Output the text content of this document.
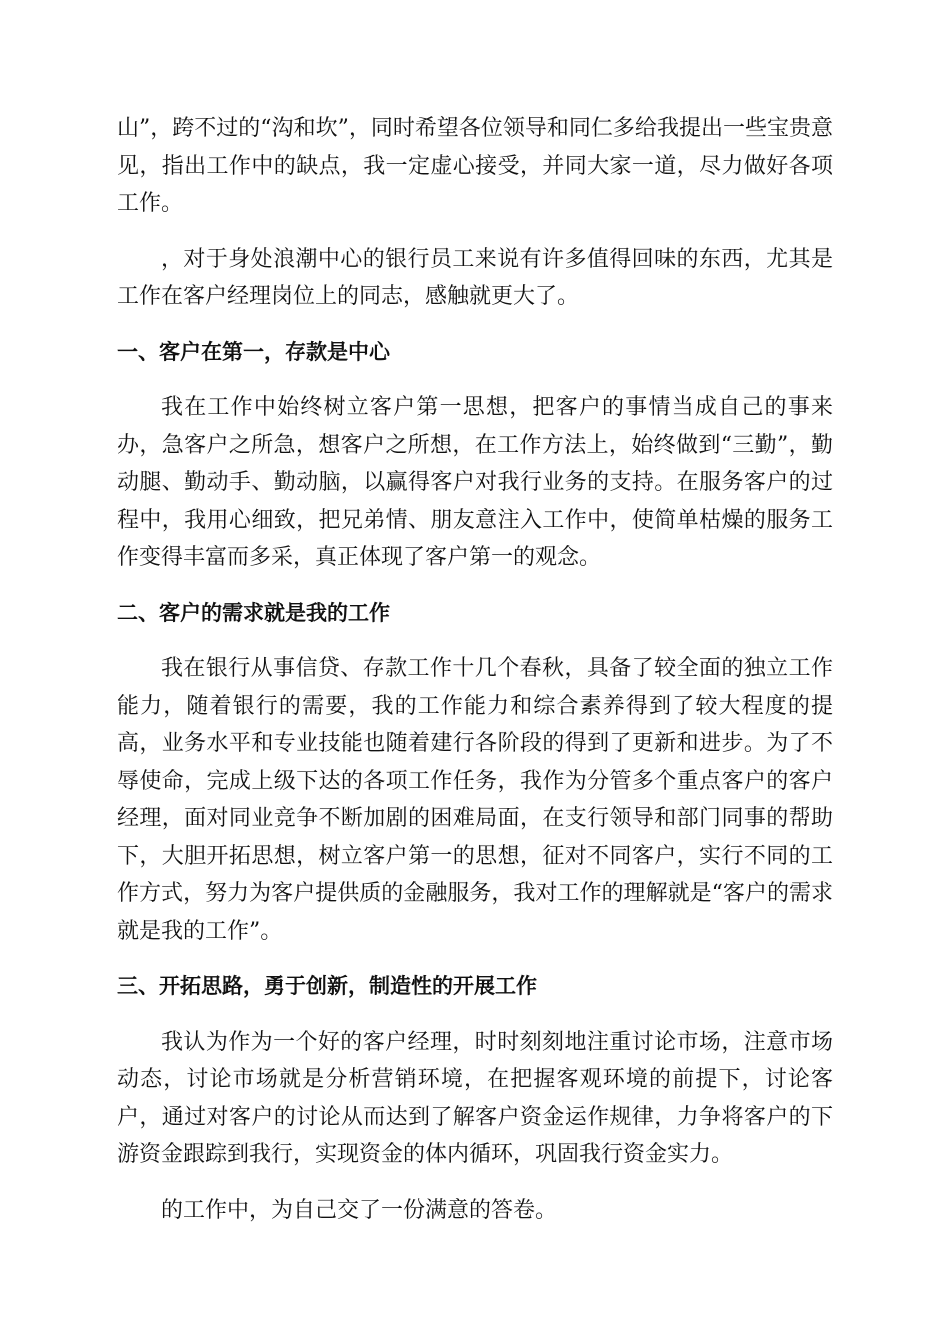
山”，跨不过的“沟和坎”，同时希望各位领导和同仁多给我提出一些宝贵意见，指出工作中的缺点，我一定虚心接受，并同大家一道，尽力做好各项工作。

，对于身处浪潮中心的银行员工来说有许多值得回味的东西，尤其是工作在客户经理岗位上的同志，感触就更大了。

一、客户在第一，存款是中心

我在工作中始终树立客户第一思想，把客户的事情当成自己的事来办，急客户之所急，想客户之所想，在工作方法上，始终做到“三勤”，勤动腿、勤动手、勤动脑，以赢得客户对我行业务的支持。在服务客户的过程中，我用心细致，把兄弟情、朋友意注入工作中，使简单枯燥的服务工作变得丰富而多采，真正体现了客户第一的观念。

二、客户的需求就是我的工作

我在银行从事信贷、存款工作十几个春秋，具备了较全面的独立工作能力，随着银行的需要，我的工作能力和综合素养得到了较大程度的提高，业务水平和专业技能也随着建行各阶段的得到了更新和进步。为了不辱使命，完成上级下达的各项工作任务，我作为分管多个重点客户的客户经理，面对同业竞争不断加剧的困难局面，在支行领导和部门同事的帮助下，大胆开拓思想，树立客户第一的思想，征对不同客户，实行不同的工作方式，努力为客户提供质的金融服务，我对工作的理解就是“客户的需求就是我的工作”。

三、开拓思路，勇于创新，制造性的开展工作

我认为作为一个好的客户经理，时时刻刻地注重讨论市场，注意市场动态，讨论市场就是分析营销环境，在把握客观环境的前提下，讨论客户，通过对客户的讨论从而达到了解客户资金运作规律，力争将客户的下游资金跟踪到我行，实现资金的体内循环，巩固我行资金实力。

的工作中，为自己交了一份满意的答卷。
